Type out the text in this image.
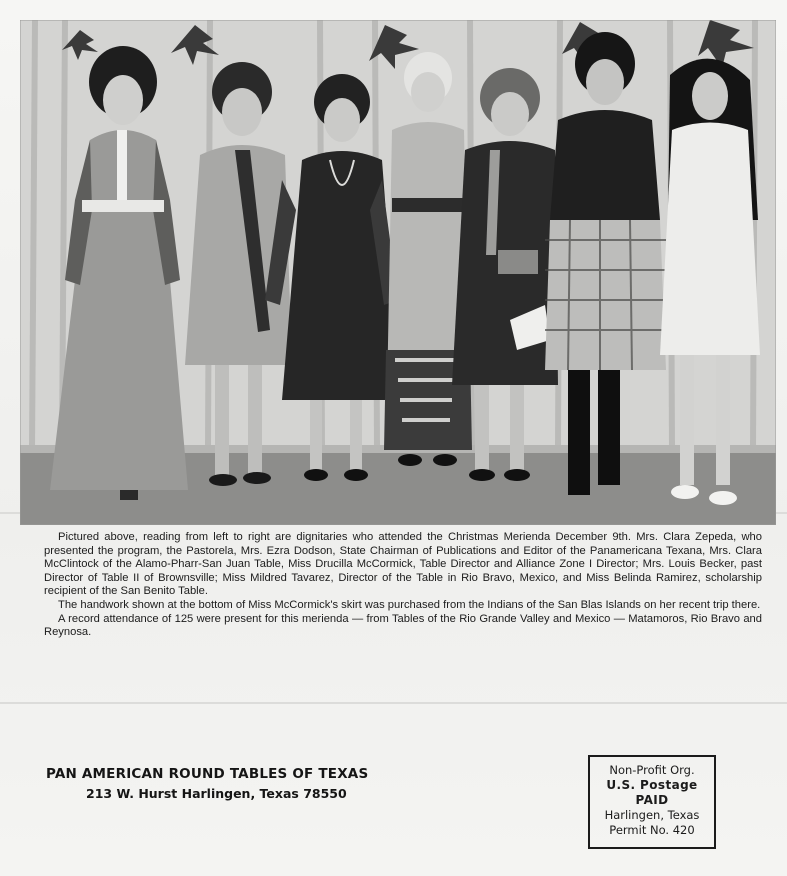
Pictured above, reading from left to right are dignitaries who attended the Christmas Merienda December 9th. Mrs. Clara Zepeda, who presented the program, the Pastorela, Mrs. Ezra Dodson, State Chairman of Publications and Editor of the Panamericana Texana, Mrs. Clara McClintock of the Alamo-Pharr-San Juan Table, Miss Drucilla McCormick, Table Director and Alliance Zone I Director; Mrs. Louis Becker, past Director of Table II of Brownsville; Miss Mildred Tavarez, Director of the Table in Rio Bravo, Mexico, and Miss Belinda Ramirez, scholarship recipient of the San Benito Table.

The handwork shown at the bottom of Miss McCormick's skirt was purchased from the Indians of the San Blas Islands on her recent trip there.

A record attendance of 125 were present for this merienda — from Tables of the Rio Grande Valley and Mexico — Matamoros, Rio Bravo and Reynosa.

PAN AMERICAN ROUND TABLES OF TEXAS
213 W. Hurst Harlingen, Texas 78550
Non-Profit Org.
U.S. Postage
PAID
Harlingen, Texas
Permit No. 420
